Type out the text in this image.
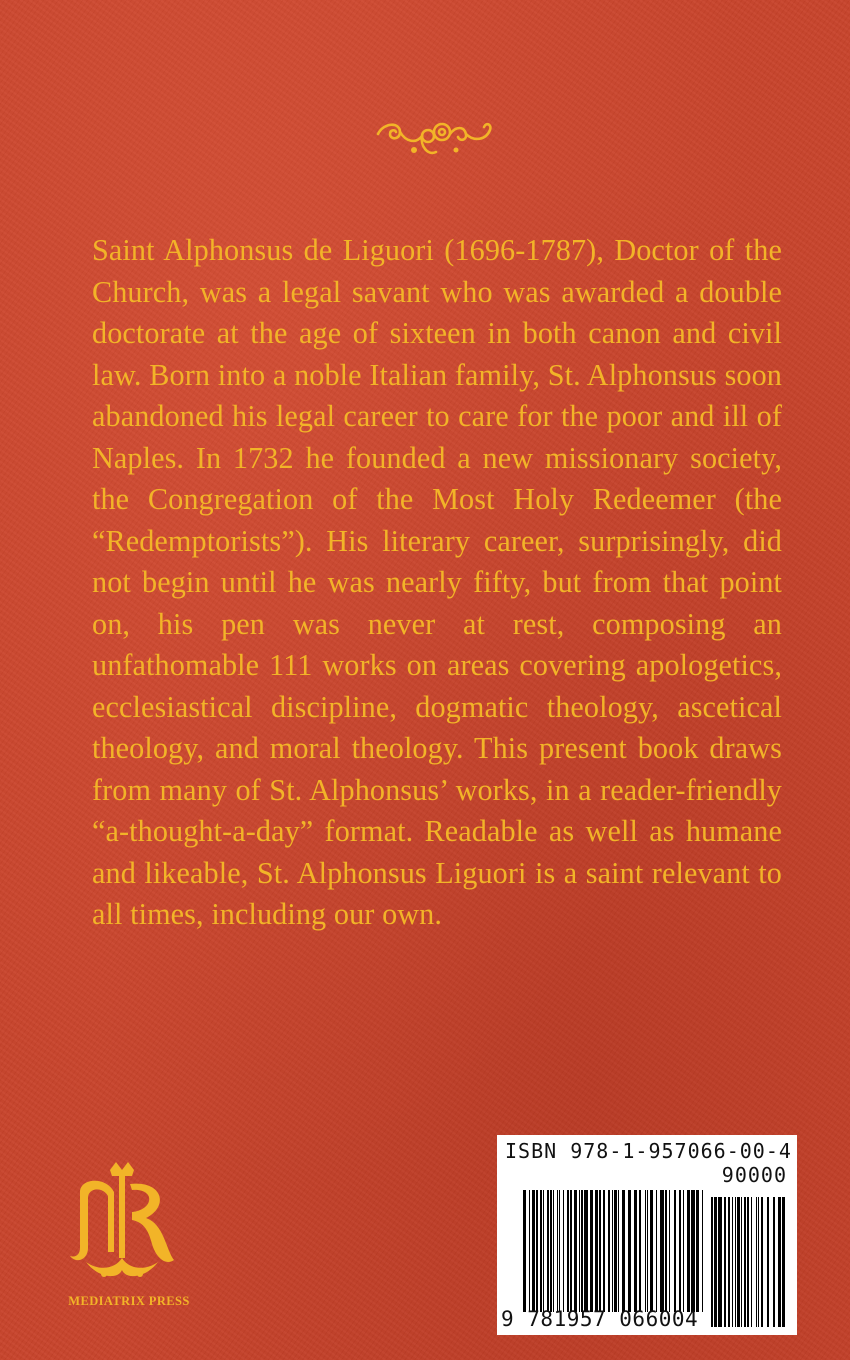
Saint Alphonsus de Liguori (1696-1787), Doctor of the Church, was a legal savant who was awarded a double doctorate at the age of sixteen in both canon and civil law. Born into a noble Italian family, St. Alphonsus soon abandoned his legal career to care for the poor and ill of Naples. In 1732 he founded a new missionary society, the Congregation of the Most Holy Redeemer (the “Redemptorists”). His literary career, surprisingly, did not begin until he was nearly fifty, but from that point on, his pen was never at rest, composing an unfathomable 111 works on areas covering apologetics, ecclesiastical discipline, dogmatic theology, ascetical theology, and moral theology. This present book draws from many of St. Alphonsus’ works, in a reader-friendly “a-thought-a-day” format. Readable as well as humane and likeable, St. Alphonsus Liguori is a saint relevant to all times, including our own.

MEDIATRIX PRESS
ISBN 978-1-957066-00-4
90000
9 781957 066004
